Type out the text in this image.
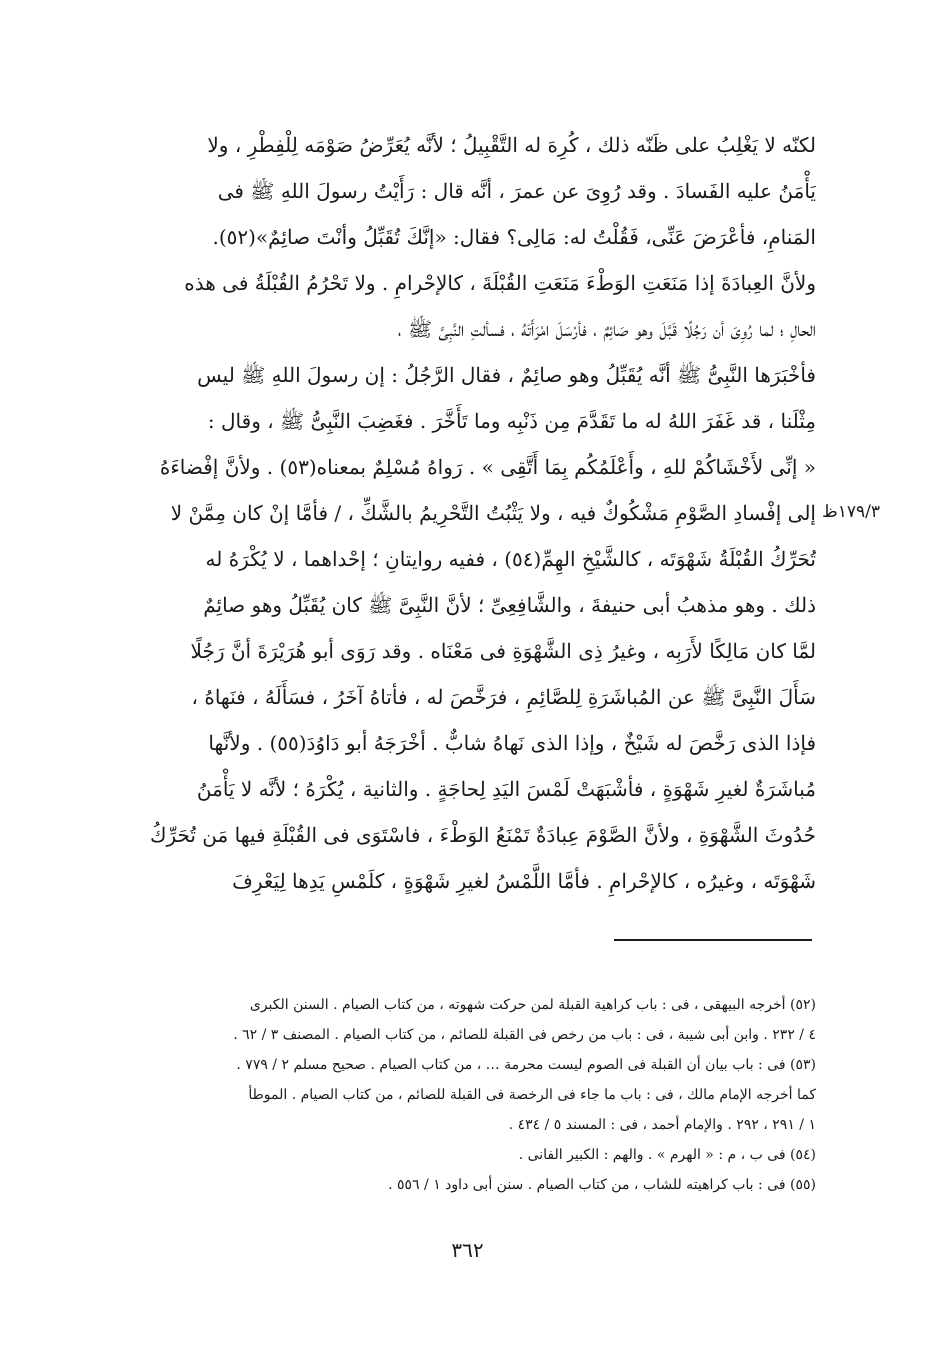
لكنّه لا يَغْلِبُ على ظَنّه ذلك ، كُرِهَ له التَّقْبِيلُ ؛ لأنَّه يُعَرِّضُ صَوْمَه لِلْفِطْرِ ، ولا
يَأْمَنُ عليه الفَسادَ . وقد رُوِىَ عن عمرَ ، أنَّه قال : رَأَيْتُ رسولَ اللهِ ﷺ فى
المَنامِ، فأعْرَضَ عَنِّى، فَقُلْتُ له: مَالِى؟ فقال: «إنَّكَ تُقَبِّلُ وأنْتَ صائِمٌ»(٥٢).
ولأنَّ العِبادَةَ إذا مَنَعَتِ الوَطْءَ مَنَعَتِ القُبْلَةَ ، كالإحْرامِ . ولا تَحْرُمُ القُبْلَةُ فى هذه
الحالِ ؛ لما رُوِىَ أن رَجُلًا قَبَّلَ وهو صَائِمٌ ، فأرْسَلَ امْرَأَتَهُ ، فسألتِ النَّبِىَّ ﷺ ،
فأخْبَرَها النَّبِىُّ ﷺ أنَّه يُقَبِّلُ وهو صائِمٌ ، فقال الرَّجُلُ : إن رسولَ اللهِ ﷺ ليس
مِثْلَنا ، قد غَفَرَ اللهُ له ما تَقَدَّمَ مِن ذَنْبِه وما تَأَخَّرَ . فغَضِبَ النَّبِىُّ ﷺ ، وقال :
« إنِّى لأَخْشَاكُمْ للهِ ، وأَعْلَمُكُم بِمَا أَتَّقِى » . رَواهُ مُسْلِمٌ بمعناه(٥٣) . ولأنَّ إفْضاءَهُ
إلى إفْسادِ الصَّوْمِ مَشْكُوكٌ فيه ، ولا يَثْبُتُ التَّحْرِيمُ بالشَّكِّ ، / فأمَّا إنْ كان مِمَّنْ لا
تُحَرِّكُ القُبْلَةُ شَهْوَتَه ، كالشَّيْخِ الهِمِّ(٥٤) ، ففيه روايتانِ ؛ إحْداهما ، لا يُكْرَهُ له
ذلك . وهو مذهبُ أبى حنيفةَ ، والشَّافِعِىِّ ؛ لأنَّ النَّبِىَّ ﷺ كان يُقَبِّلُ وهو صائِمٌ
لمَّا كان مَالِكًا لأَرَبِه ، وغيرُ ذِى الشَّهْوَةِ فى مَعْنَاه . وقد رَوَى أبو هُرَيْرَةَ أنَّ رَجُلًا
سَأَلَ النَّبِىَّ ﷺ عن المُباشَرَةِ لِلصَّائِمِ ، فرَخَّصَ له ، فأتاهُ آخَرُ ، فسَأَلَهُ ، فنَهاهُ ،
فإذا الذى رَخَّصَ له شَيْخٌ ، وإذا الذى نَهاهُ شابٌّ . أخْرَجَهُ أبو دَاوُدَ(٥٥) . ولأنَّها
مُباشَرَةٌ لغيرِ شَهْوَةٍ ، فأشْبَهَتْ لَمْسَ اليَدِ لِحاجَةٍ . والثانية ، يُكْرَهُ ؛ لأنَّه لا يَأْمَنُ
حُدُوثَ الشَّهْوَةِ ، ولأنَّ الصَّوْمَ عِبادَةٌ تَمْنَعُ الوَطْءَ ، فاسْتَوَى فى القُبْلَةِ فيها مَن تُحَرِّكُ
شَهْوَتَه ، وغيرُه ، كالإحْرامِ . فأمَّا اللَّمْسُ لغيرِ شَهْوَةٍ ، كلَمْسِ يَدِها لِيَعْرِفَ
١٧٩/٣ظ
(٥٢) أخرجه البيهقى ، فى : باب كراهية القبلة لمن حركت شهوته ، من كتاب الصيام . السنن الكبرى
٤ / ٢٣٢ . وابن أبى شيبة ، فى : باب من رخص فى القبلة للصائم ، من كتاب الصيام . المصنف ٣ / ٦٢ .
(٥٣) فى : باب بيان أن القبلة فى الصوم ليست محرمة … ، من كتاب الصيام . صحيح مسلم ٢ / ٧٧٩ .
كما أخرجه الإمام مالك ، فى : باب ما جاء فى الرخصة فى القبلة للصائم ، من كتاب الصيام . الموطأ
١ / ٢٩١ ، ٢٩٢ . والإمام أحمد ، فى : المسند ٥ / ٤٣٤ .
(٥٤) فى ب ، م : « الهرم » . والهم : الكبير الفانى .
(٥٥) فى : باب كراهيته للشاب ، من كتاب الصيام . سنن أبى داود ١ / ٥٥٦ .
٣٦٢
